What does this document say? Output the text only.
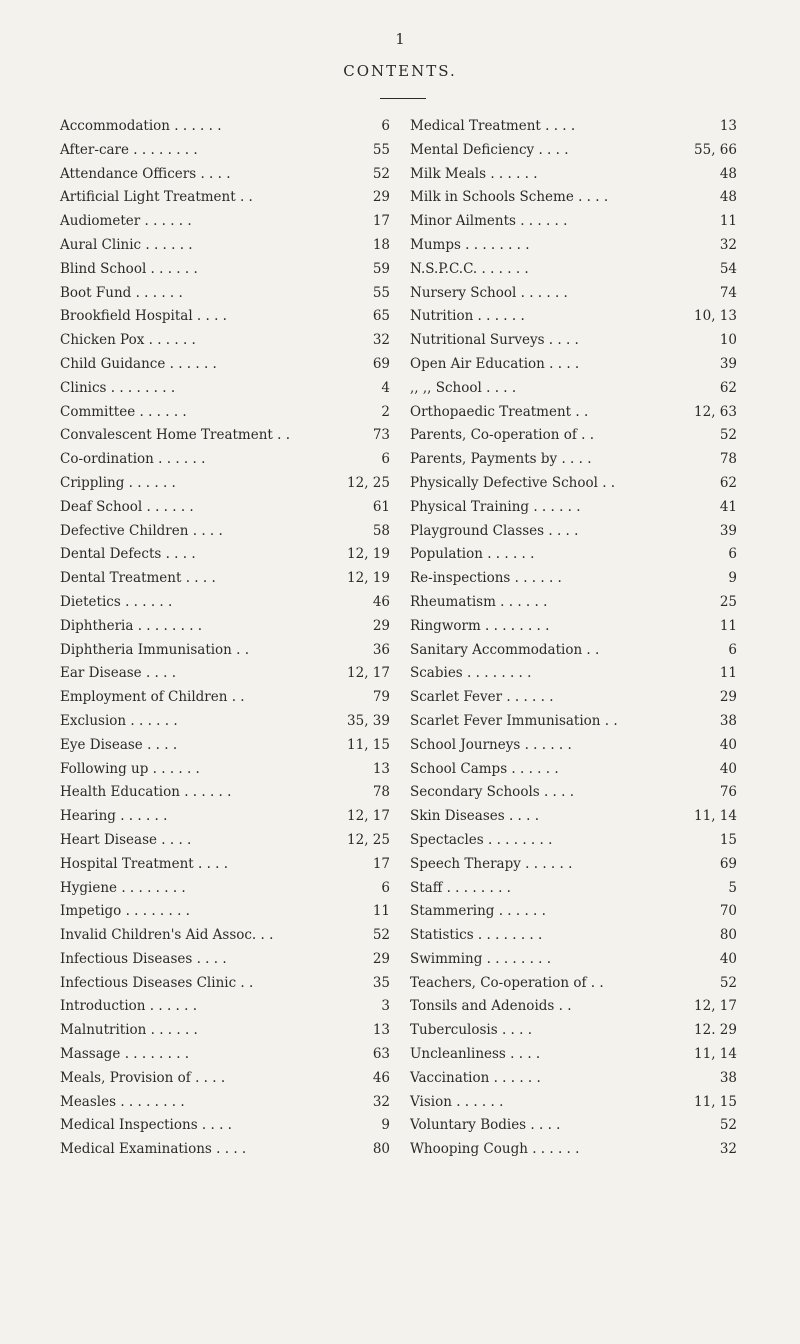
1
CONTENTS.
Accommodation . . . . . .	6
After-care . . . . . . . .	55
Attendance Officers . . . .	52
Artificial Light Treatment . .	29
Audiometer . . . . . .	17
Aural Clinic . . . . . .	18
Blind School . . . . . .	59
Boot Fund . . . . . .	55
Brookfield Hospital . . . .	65
Chicken Pox . . . . . .	32
Child Guidance . . . . . .	69
Clinics . . . . . . . .	4
Committee . . . . . .	2
Convalescent Home Treatment . .	73
Co-ordination . . . . . .	6
Crippling . . . . . .	12, 25
Deaf School . . . . . .	61
Defective Children . . . .	58
Dental Defects . . . .	12, 19
Dental Treatment . . . .	12, 19
Dietetics . . . . . .	46
Diphtheria . . . . . . . .	29
Diphtheria Immunisation . .	36
Ear Disease . . . .	12, 17
Employment of Children . .	79
Exclusion . . . . . .	35, 39
Eye Disease . . . .	11, 15
Following up . . . . . .	13
Health Education . . . . . .	78
Hearing . . . . . .	12, 17
Heart Disease . . . .	12, 25
Hospital Treatment . . . .	17
Hygiene . . . . . . . .	6
Impetigo . . . . . . . .	11
Invalid Children's Aid Assoc. . .	52
Infectious Diseases . . . .	29
Infectious Diseases Clinic . .	35
Introduction . . . . . .	3
Malnutrition . . . . . .	13
Massage . . . . . . . .	63
Meals, Provision of . . . .	46
Measles . . . . . . . .	32
Medical Inspections . . . .	9
Medical Examinations . . . .	80
Medical Treatment . . . .	13
Mental Deficiency . . . .	55, 66
Milk Meals . . . . . .	48
Milk in Schools Scheme . . . .	48
Minor Ailments . . . . . .	11
Mumps . . . . . . . .	32
N.S.P.C.C. . . . . . .	54
Nursery School . . . . . .	74
Nutrition . . . . . .	10, 13
Nutritional Surveys . . . .	10
Open Air Education . . . .	39
,, ,, School . . . .	62
Orthopaedic Treatment . .	12, 63
Parents, Co-operation of . .	52
Parents, Payments by . . . .	78
Physically Defective School . .	62
Physical Training . . . . . .	41
Playground Classes . . . .	39
Population . . . . . .	6
Re-inspections . . . . . .	9
Rheumatism . . . . . .	25
Ringworm . . . . . . . .	11
Sanitary Accommodation . .	6
Scabies . . . . . . . .	11
Scarlet Fever . . . . . .	29
Scarlet Fever Immunisation . .	38
School Journeys . . . . . .	40
School Camps . . . . . .	40
Secondary Schools . . . .	76
Skin Diseases . . . .	11, 14
Spectacles . . . . . . . .	15
Speech Therapy . . . . . .	69
Staff . . . . . . . .	5
Stammering . . . . . .	70
Statistics . . . . . . . .	80
Swimming . . . . . . . .	40
Teachers, Co-operation of . .	52
Tonsils and Adenoids . .	12, 17
Tuberculosis . . . .	12. 29
Uncleanliness . . . .	11, 14
Vaccination . . . . . .	38
Vision . . . . . .	11, 15
Voluntary Bodies . . . .	52
Whooping Cough . . . . . .	32
